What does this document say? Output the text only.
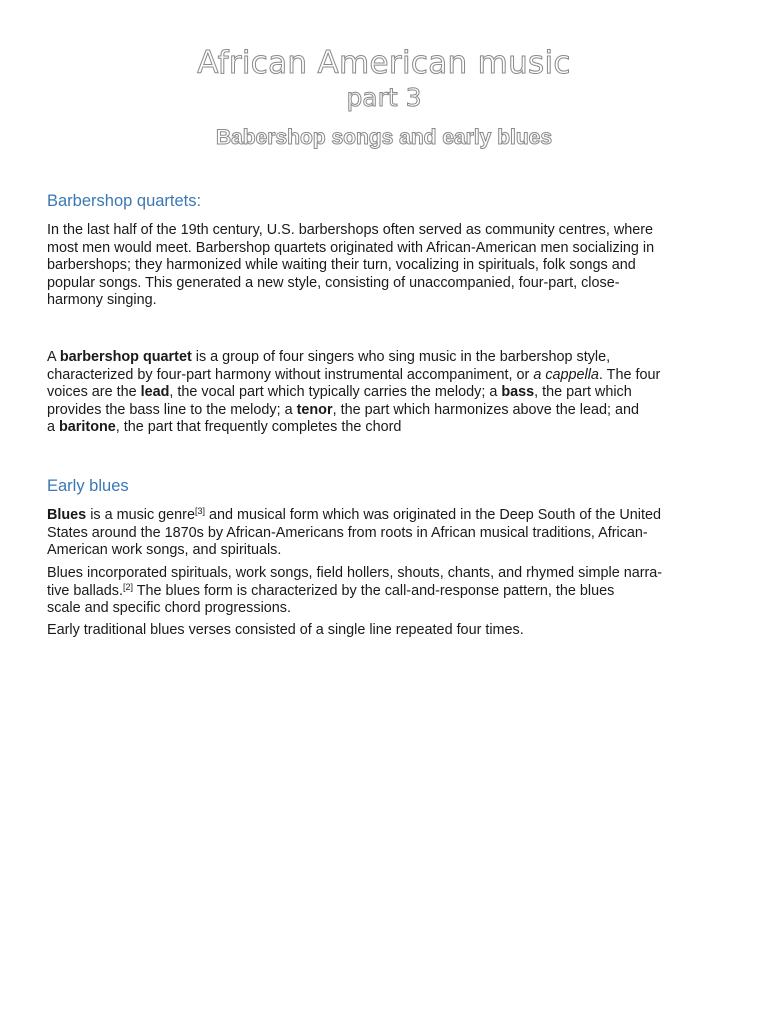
African American music
part 3
Babershop songs and early blues
Barbershop quartets:
In the last half of the 19th century, U.S. barbershops often served as community centres, where
most men would meet. Barbershop quartets originated with African-American men socializing in
barbershops; they harmonized while waiting their turn, vocalizing in spirituals, folk songs and
popular songs. This generated a new style, consisting of unaccompanied, four-part, close-
harmony singing.
A barbershop quartet is a group of four singers who sing music in the barbershop style,
characterized by four-part harmony without instrumental accompaniment, or a cappella. The four
voices are the lead, the vocal part which typically carries the melody; a bass, the part which
provides the bass line to the melody; a tenor, the part which harmonizes above the lead; and
a baritone, the part that frequently completes the chord
Early blues
Blues is a music genre[3] and musical form which was originated in the Deep South of the United
States around the 1870s by African-Americans from roots in African musical traditions, African-
American work songs, and spirituals.
Blues incorporated spirituals, work songs, field hollers, shouts, chants, and rhymed simple narra-
tive ballads.[2] The blues form is characterized by the call-and-response pattern, the blues
scale and specific chord progressions.
Early traditional blues verses consisted of a single line repeated four times.
